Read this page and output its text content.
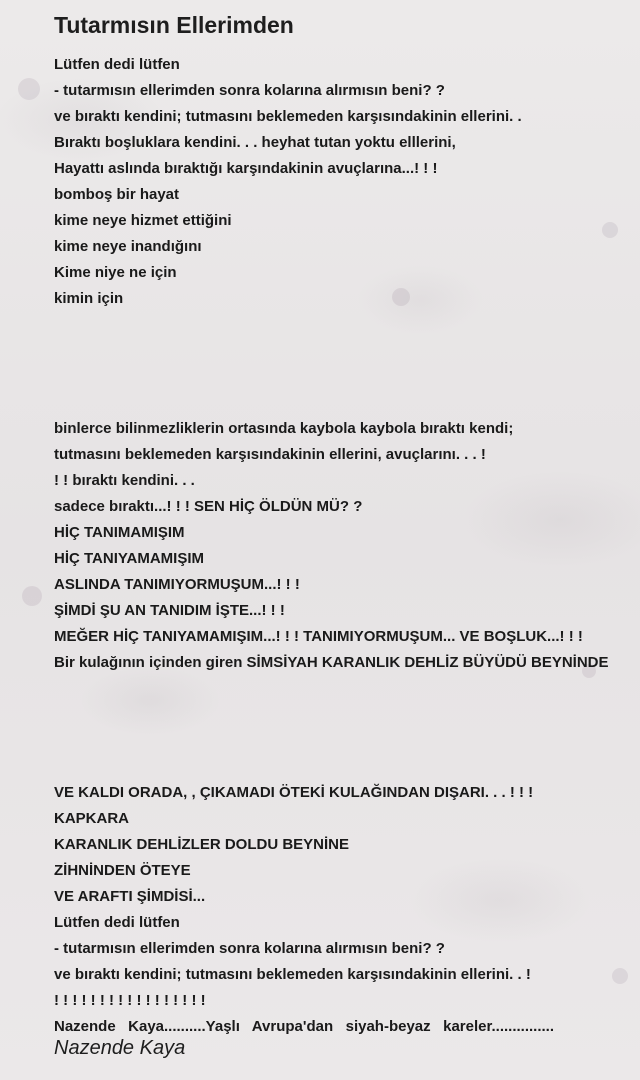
Tutarmısın Ellerimden
Lütfen dedi lütfen
- tutarmısın ellerimden sonra kolarına alırmısın beni? ?
ve bıraktı kendini; tutmasını beklemeden karşısındakinin ellerini. .
Bıraktı boşluklara kendini. . . heyhat tutan yoktu elllerini,
Hayattı aslında bıraktığı karşındakinin avuçlarına...! ! !
bomboş bir hayat
kime neye hizmet ettiğini
kime neye inandığını
Kime niye ne için
kimin için

binlerce bilinmezliklerin ortasında kaybola kaybola bıraktı kendi;
tutmasını beklemeden karşısındakinin ellerini, avuçlarını. . . !
! ! bıraktı kendini. . .
sadece bıraktı...! ! ! SEN HİÇ ÖLDÜN MÜ? ?
HİÇ TANIMAMIŞIM
HİÇ TANIYAMAMIŞIM
ASLINDA TANIMIYORMUŞUM...! ! !
ŞİMDİ ŞU AN TANIDIM İŞTE...! ! !
MEĞER HİÇ TANIYAMAMIŞIM...! ! ! TANIMIYORMUŞUM... VE BOŞLUK...! ! !
Bir kulağının içinden giren SİMSİYAH KARANLIK DEHLİZ BÜYÜDÜ BEYNİNDE

VE KALDI ORADA, , ÇIKAMADI ÖTEKİ KULAĞINDAN DIŞARI. . . ! ! !
KAPKARA
KARANLIK DEHLİZLER DOLDU BEYNİNE
ZİHNİNDEN ÖTEYE
VE ARAFTI ŞİMDİSİ...
Lütfen dedi lütfen
- tutarmısın ellerimden sonra kolarına alırmısın beni? ?
ve bıraktı kendini; tutmasını beklemeden karşısındakinin ellerini. . !
! ! ! ! ! ! ! ! ! ! ! ! ! ! ! ! !
Nazende Kaya..........Yaşlı Avrupa'dan siyah-beyaz kareler...............
Nazende Kaya
